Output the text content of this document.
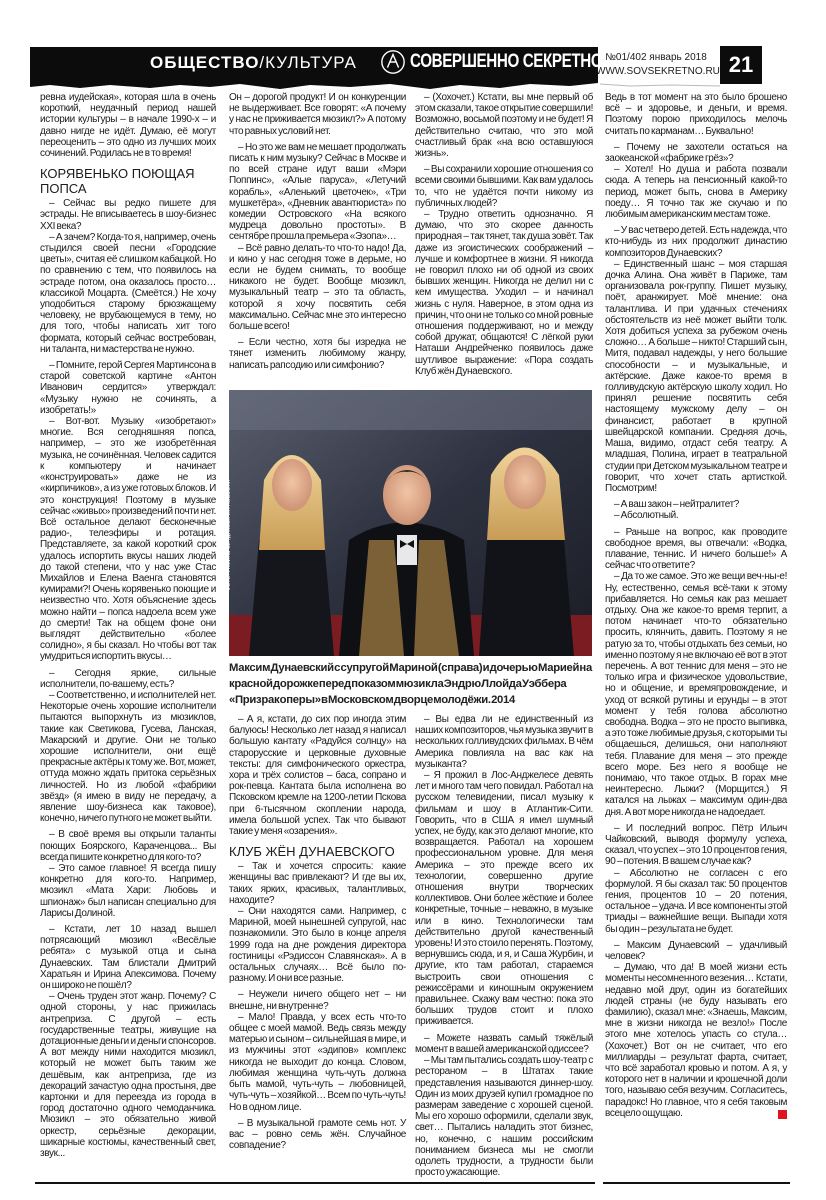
ОБЩЕСТВО/КУЛЬТУРА	СОВЕРШЕННО СЕКРЕТНО №01/402 январь 2018
WWW.SOVSEKRETNO.RU 21

ревна иудейская», которая шла в очень короткий, неудачный период нашей истории культуры – в начале 1990-х – и давно нигде не идёт. Думаю, её могут переоценить – это одно из лучших моих сочинений. Родилась не в то время!

КОРЯВЕНЬКО ПОЮЩАЯ ПОПСА

– Сейчас вы редко пишете для эстрады. Не вписываетесь в шоу-бизнес XXI века?

– А зачем? Когда-то я, например, очень стыдился своей песни «Городские цветы», считая её слишком кабацкой. Но по сравнению с тем, что появилось на эстраде потом, она оказалось просто… классикой Моцарта. (Смеётся.) Не хочу уподобиться старому брюзжащему человеку, не врубающемуся в тему, но для того, чтобы написать хит того формата, который сейчас востребован, ни таланта, ни мастерства не нужно.

– Помните, герой Сергея Мартинсона в старой советской картине «Антон Иванович сердится» утверждал: «Музыку нужно не сочинять, а изобретать!»

– Вот-вот. Музыку «изобретают» многие. Вся сегодняшняя попса, например, – это же изобретённая музыка, не сочинённая. Человек садится к компьютеру и начинает «конструировать» даже не из «кирпичиков», а из уже готовых блоков. И это конструкция! Поэтому в музыке сейчас «живых» произведений почти нет. Всё остальное делают бесконечные радио-, телеэфиры и ротация. Представляете, за какой короткий срок удалось испортить вкусы наших людей до такой степени, что у нас уже Стас Михайлов и Елена Ваенга становятся кумирами?! Очень корявенько поющие и неизвестно что. Хотя объяснение здесь можно найти – попса надоела всем уже до смерти! Так на общем фоне они выглядят действительно «более солидно», я бы сказал. Но чтобы вот так умудриться испортить вкусы…

– Сегодня яркие, сильные исполнители, по-вашему, есть?

– Соответственно, и исполнителей нет. Некоторые очень хорошие исполнители пытаются выпорхнуть из мюзиклов, такие как Светикова, Гусева, Ланская, Макарский и другие. Они не только хорошие исполнители, они ещё прекрасные актёры к тому же. Вот, может, оттуда можно ждать притока серьёзных личностей. Но из любой «фабрики звёзд» (я имею в виду не передачу, а явление шоу-бизнеса как таковое), конечно, ничего путного не может выйти.

– В своё время вы открыли таланты поющих Боярского, Караченцова... Вы всегда пишите конкретно для кого-то?

– Это самое главное! Я всегда пишу конкретно для кого-то. Например, мюзикл «Мата Хари: Любовь и шпионаж» был написан специально для Ларисы Долиной.

– Кстати, лет 10 назад вышел потрясающий мюзикл «Весёлые ребята» с музыкой отца и сына Дунаевских. Там блистали Дмитрий Харатьян и Ирина Апексимова. Почему он широко не пошёл?

– Очень труден этот жанр. Почему? С одной стороны, у нас прижилась антреприза. С другой – есть государственные театры, живущие на дотационные деньги и деньги спонсоров. А вот между ними находится мюзикл, который не может быть таким же дешёвым, как антреприза, где из декораций зачастую одна простыня, две картонки и для переезда из города в город достаточно одного чемоданчика. Мюзикл – это обязательно живой оркестр, серьёзные декорации, шикарные костюмы, качественный свет, звук...

Он – дорогой продукт! И он конкуренции не выдерживает. Все говорят: «А почему у нас не приживается мюзикл?» А потому что равных условий нет.

– Но это же вам не мешает продолжать писать к ним музыку? Сейчас в Москве и по всей стране идут ваши «Мэри Поппинс», «Алые паруса», «Летучий корабль», «Аленький цветочек», «Три мушкетёра», «Дневник авантюриста» по комедии Островского «На всякого мудреца довольно простоты». В сентябре прошла премьера «Эзопа»…

– Всё равно делать-то что-то надо! Да, и кино у нас сегодня тоже в дерьме, но если не будем снимать, то вообще никакого не будет. Вообще мюзикл, музыкальный театр – это та область, которой я хочу посвятить себя максимально. Сейчас мне это интересно больше всего!

– Если честно, хотя бы изредка не тянет изменить любимому жанру, написать рапсодию или симфонию?

– (Хохочет.) Кстати, вы мне первый об этом сказали, такое открытие совершили! Возможно, восьмой поэтому и не будет! Я действительно считаю, что это мой счастливый брак «на всю оставшуюся жизнь».

– Вы сохранили хорошие отношения со всеми своими бывшими. Как вам удалось то, что не удаётся почти никому из публичных людей?

– Трудно ответить однозначно. Я думаю, что это скорее данность природная – так тянет, так душа зовёт. Так даже из эгоистических соображений – лучше и комфортнее в жизни. Я никогда не говорил плохо ни об одной из своих бывших женщин. Никогда не делил ни с кем имущества. Уходил – и начинал жизнь с нуля. Наверное, в этом одна из причин, что они не только со мной ровные отношения поддерживают, но и между собой дружат, общаются! С лёгкой руки Наташи Андрейченко появилось даже шутливое выражение: «Пора создать Клуб жён Дунаевского.

– А я, кстати, до сих пор иногда этим балуюсь! Несколько лет назад я написал большую кантату «Радуйся солнцу» на старорусские и церковные духовные тексты: для симфонического оркестра, хора и трёх солистов – баса, сопрано и рок-певца. Кантата была исполнена во Псковском кремле на 1200-летии Пскова при 6-тысячном скоплении народа, имела большой успех. Так что бывают такие у меня «озарения».

КЛУБ ЖЁН ДУНАЕВСКОГО

– Так и хочется спросить: какие женщины вас привлекают? И где вы их, таких ярких, красивых, талантливых, находите?

– Они находятся сами. Например, с Мариной, моей нынешней супругой, нас познакомили. Это было в конце апреля 1999 года на дне рождения директора гостиницы «Рэдиссон Славянская». А в остальных случаях… Всё было по-разному. И они все разные.

– Неужели ничего общего нет – ни внешне, ни внутренне?

– Мало! Правда, у всех есть что-то общее с моей мамой. Ведь связь между матерью и сыном – сильнейшая в мире, и из мужчины этот «эдипов» комплекс никогда не выходит до конца. Словом, любимая женщина чуть-чуть должна быть мамой, чуть-чуть – любовницей, чуть-чуть – хозяйкой… Всем по чуть-чуть! Но в одном лице.

– В музыкальной грамоте семь нот. У вас – ровно семь жён. Случайное совпадение?

– Вы едва ли не единственный из наших композиторов, чья музыка звучит в нескольких голливудских фильмах. В чём Америка повлияла на вас как на музыканта?

– Я прожил в Лос-Анджелесе девять лет и много там чего повидал. Работал на русском телевидении, писал музыку к фильмам и шоу в Атлантик-Сити. Говорить, что в США я имел шумный успех, не буду, как это делают многие, кто возвращается. Работал на хорошем профессиональном уровне. Для меня Америка – это прежде всего их технологии, совершенно другие отношения внутри творческих коллективов. Они более жёсткие и более конкретные, точные – неважно, в музыке или в кино. Технологически там действительно другой качественный уровень! И это стоило перенять. Поэтому, вернувшись сюда, и я, и Саша Журбин, и другие, кто там работал, стараемся выстроить свои отношения с режиссёрами и киношным окружением правильнее. Скажу вам честно: пока это больших трудов стоит и плохо приживается.

– Можете назвать самый тяжёлый момент в вашей американской одиссее?

– Мы там пытались создать шоу-театр с рестораном – в Штатах такие представления называются диннер-шоу. Один из моих друзей купил громадное по размерам заведение с хорошей сценой. Мы его хорошо оформили, сделали звук, свет… Пытались наладить этот бизнес, но, конечно, с нашим российским пониманием бизнеса мы не смогли одолеть трудности, а трудности были просто ужасающие.

Ведь в тот момент на это было брошено всё – и здоровье, и деньги, и время. Поэтому порою приходилось мелочь считать по карманам… Буквально!

– Почему не захотели остаться на заокеанской «фабрике грёз»?

– Хотел! Но душа и работа позвали сюда. А теперь на пенсионный какой-то период, может быть, снова в Америку поеду… Я точно так же скучаю и по любимым американским местам тоже.

– У вас четверо детей. Есть надежда, что кто-нибудь из них продолжит династию композиторов Дунаевских?

– Единственный шанс – моя старшая дочка Алина. Она живёт в Париже, там организовала рок-группу. Пишет музыку, поёт, аранжирует. Моё мнение: она талантлива. И при удачных стечениях обстоятельств из неё может выйти толк. Хотя добиться успеха за рубежом очень сложно… А больше – никто! Старший сын, Митя, подавал надежды, у него большие способности – и музыкальные, и актёрские. Даже какое-то время в голливудскую актёрскую школу ходил. Но принял решение посвятить себя настоящему мужскому делу – он финансист, работает в крупной швейцарской компании. Средняя дочь, Маша, видимо, отдаст себя театру. А младшая, Полина, играет в театральной студии при Детском музыкальном театре и говорит, что хочет стать артисткой. Посмотрим!

– А ваш закон – нейтралитет?

– Абсолютный.

– Раньше на вопрос, как проводите свободное время, вы отвечали: «Водка, плавание, теннис. И ничего больше!» А сейчас что ответите?

– Да то же самое. Это же вещи веч-ны-е! Ну, естественно, семья всё-таки к этому прибавляется. Но семья как раз мешает отдыху. Она же какое-то время терпит, а потом начинает что-то обязательно просить, клянчить, давить. Поэтому я не ратую за то, чтобы отдыхать без семьи, но именно поэтому я не включаю её вот в этот перечень. А вот теннис для меня – это не только игра и физическое удовольствие, но и общение, и времяпровождение, и уход от всякой рутины и ерунды – в этот момент у тебя голова абсолютно свободна. Водка – это не просто выпивка, а это тоже любимые друзья, с которыми ты общаешься, делишься, они наполняют тебя. Плавание для меня – это прежде всего море. Без него я вообще не понимаю, что такое отдых. В горах мне неинтересно. Лыжи? (Морщится.) Я катался на лыжах – максимум один-два дня. А вот море никогда не надоедает.

– И последний вопрос. Пётр Ильич Чайковский, выводя формулу успеха, сказал, что успех – это 10 процентов гения, 90 – потения. В вашем случае как?

– Абсолютно не согласен с его формулой. Я бы сказал так: 50 процентов гения, процентов 10 – 20 потения, остальное – удача. И все компоненты этой триады – важнейшие вещи. Выпади хотя бы один – результата не будет.

– Максим Дунаевский – удачливый человек?

– Думаю, что да! В моей жизни есть моменты несомненного везения… Кстати, недавно мой друг, один из богатейших людей страны (не буду называть его фамилию), сказал мне: «Знаешь, Максим, мне в жизни никогда не везло!» После этого мне хотелось упасть со стула… (Хохочет.) Вот он не считает, что его миллиарды – результат фарта, считает, что всё заработал кровью и потом. А я, у которого нет в наличии и крошечной доли того, называю себя везучим. Согласитесь, парадокс! Но главное, что я себя таковым всецело ощущаю.

ФОТО: РАМИЛЬ СИТДИКОВ/РИА НОВОСТИ
Максим Дунаевский с супругой Мариной (справа) и дочерью Марией на красной дорожке перед показом мюзикла Эндрю Ллойда Уэббера «Призрак оперы» в Московском дворце молодёжи. 2014
